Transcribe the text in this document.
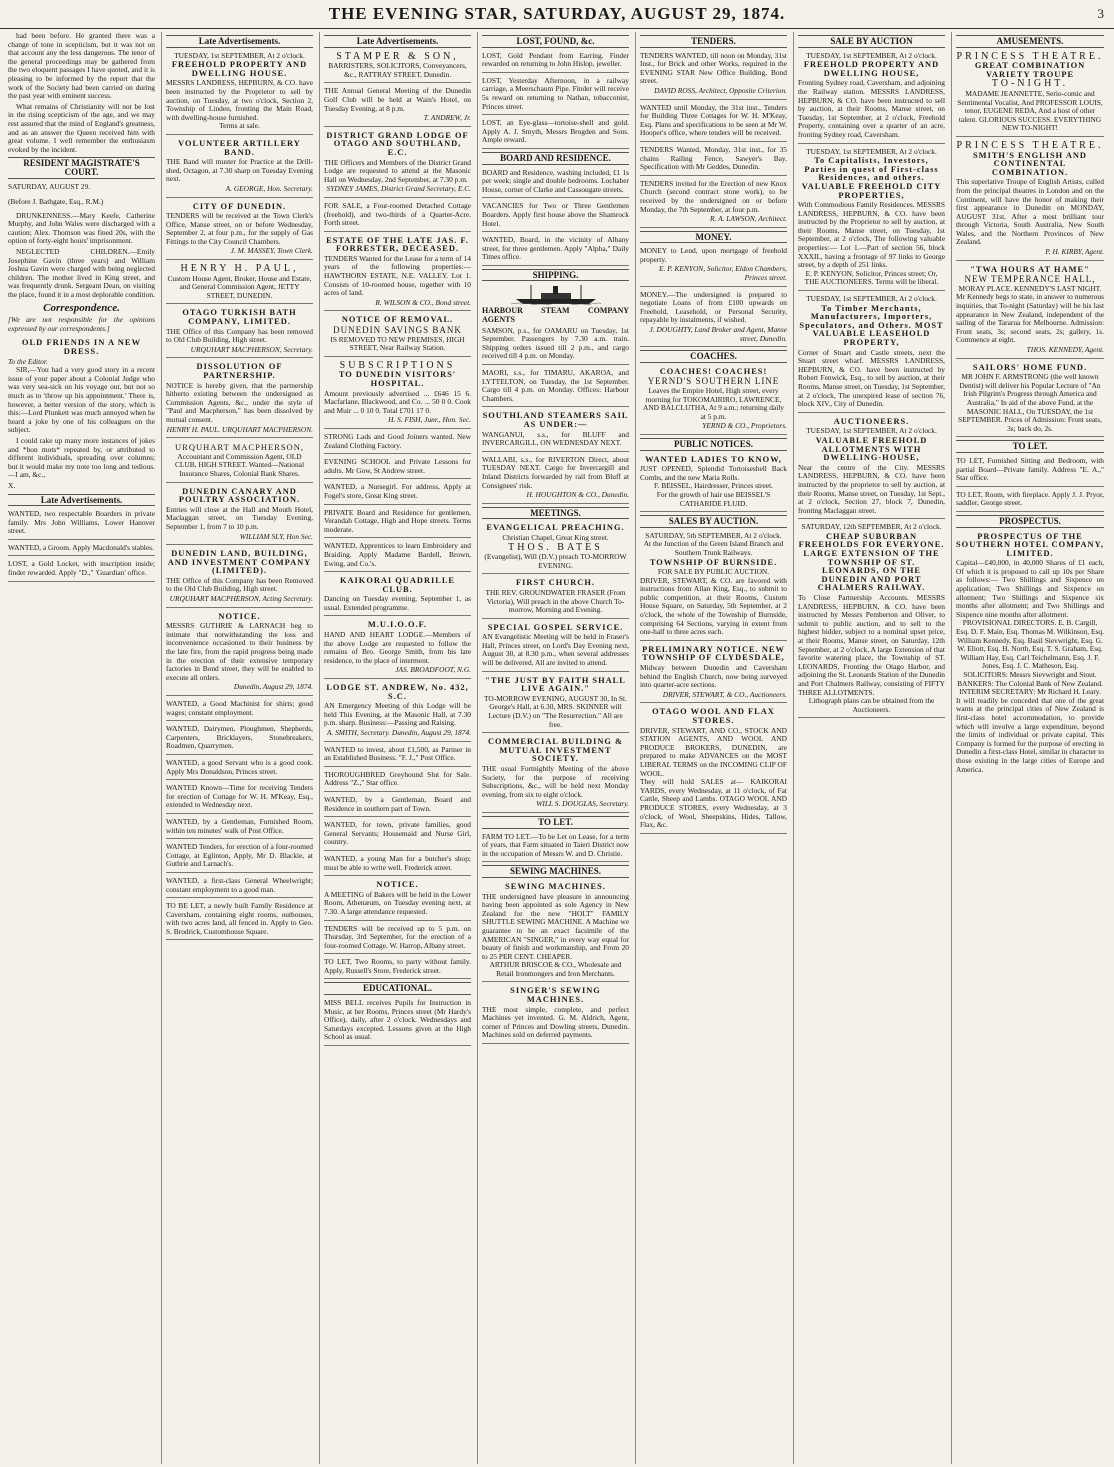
THE EVENING STAR, SATURDAY, AUGUST 29, 1874.	3

had been before. He granted there was a change of tone in scepticism, but it was not on that account any the less dangerous. The tenor of the general proceedings may be gathered from the two eloquent passages I have quoted, and it is pleasing to be informed by the report that the work of the Society had been carried on during the past year with eminent success.

What remains of Christianity will not be lost in the rising scepticism of the age, and we may rest assured that the mind of England's greatness, and as an answer the Queen received him with great volume. I well remember the enthusiasm evoked by the incident.

RESIDENT MAGISTRATE'S COURT.
SATURDAY, AUGUST 29.
(Before J. Bathgate, Esq., R.M.)

DRUNKENNESS.—Mary Keefe, Catherine Murphy, and John Wales were discharged with a caution; Alex. Thomson was fined 20s, with the option of forty-eight hours' imprisonment.

NEGLECTED CHILDREN.—Emily Josephine Gavin (three years) and William Joshua Gavin were charged with being neglected children. The mother lived in King street, and was frequently drunk. Sergeant Dean, on visiting the place, found it in a most deplorable condition.

Correspondence.
[We are not responsible for the opinions expressed by our correspondents.]
OLD FRIENDS IN A NEW DRESS.
To the Editor.

SIR,—You had a very good story in a recent issue of your paper about a Colonial Judge who was very sea-sick on his voyage out, but not so much as to 'throw up his appointment.' There is, however, a better version of the story, which is this:—Lord Plunkett was much annoyed when he heard a joke by one of his colleagues on the subject.

I could rake up many more instances of jokes and *bon mots* repeated by, or attributed to different individuals, spreading over columns; but it would make my note too long and tedious.—I am, &c.,

X.
Late Advertisements.
WANTED, two respectable Boarders in private family. Mrs John Williams, Lower Hanover street.
WANTED, a Groom. Apply Macdonald's stables.
LOST, a Gold Locket, with inscription inside; finder rewarded. Apply "D.," 'Guardian' office.
Late Advertisements.
TUESDAY, 1st SEPTEMBER, At 2 o'clock.
FREEHOLD PROPERTY AND DWELLING HOUSE.
MESSRS LANDRESS, HEPBURN, & CO. have been instructed by the Proprietor to sell by auction, on Tuesday, at two o'clock, Section 2, Township of Linden, fronting the Main Road, with dwelling-house furnished.
Terms at sale.
VOLUNTEER ARTILLERY BAND.
THE Band will muster for Practice at the Drill-shed, Octagon, at 7.30 sharp on Tuesday Evening next.
A. GEORGE, Hon. Secretary.
CITY OF DUNEDIN.
TENDERS will be received at the Town Clerk's Office, Manse street, on or before Wednesday, September 2, at four p.m., for the supply of Gas Fittings to the City Council Chambers.
J. M. MASSEY, Town Clerk.
HENRY H. PAUL,
Custom House Agent, Broker, House and Estate, and General Commission Agent, JETTY STREET, DUNEDIN.
OTAGO TURKISH BATH COMPANY, LIMITED.
THE Office of this Company has been removed to Old Club Building, High street.
URQUHART MACPHERSON, Secretary.
DISSOLUTION OF PARTNERSHIP.
NOTICE is hereby given, that the partnership hitherto existing between the undersigned as Commission Agents, &c., under the style of "Paul and Macpherson," has been dissolved by mutual consent.
HENRY H. PAUL. URQUHART MACPHERSON.
URQUHART MACPHERSON,
Accountant and Commission Agent, OLD CLUB, HIGH STREET. Wanted—National Insurance Shares, Colonial Bank Shares.
DUNEDIN CANARY AND POULTRY ASSOCIATION.
Entries will close at the Hall and Mouth Hotel, Maclaggan street, on Tuesday Evening, September 1, from 7 to 10 p.m.
WILLIAM SLY, Hon Sec.
DUNEDIN LAND, BUILDING, AND INVESTMENT COMPANY (LIMITED).
THE Office of this Company has been Removed to the Old Club Building, High street.
URQUHART MACPHERSON, Acting Secretary.
NOTICE.
MESSRS GUTHRIE & LARNACH beg to intimate that notwithstanding the loss and inconvenience occasioned to their business by the late fire, from the rapid progress being made in the erection of their extensive temporary factories in Bond street, they will be enabled to execute all orders.
Dunedin, August 29, 1874.
WANTED, a Good Machinist for shirts; good wages; constant employment.
WANTED, Dairymen, Ploughmen, Shepherds, Carpenters, Bricklayers, Stonebreakers, Roadmen, Quarrymen.
WANTED, a good Servant who is a good cook. Apply Mrs Donaldson, Princes street.
WANTED Known—Time for receiving Tenders for erection of Cottage for W. H. M'Keay, Esq., extended to Wednesday next.
WANTED, by a Gentleman, Furnished Room, within ten minutes' walk of Post Office.
WANTED Tenders, for erection of a four-roomed Cottage, at Eglinton, Apply, Mr D. Blackie, at Guthrie and Larnach's.
WANTED, a first-class General Wheelwright; constant employment to a good man.
TO BE LET, a newly built Family Residence at Caversham, containing eight rooms, outhouses, with two acres land, all fenced in. Apply to Geo. S. Brodrick, Customhouse Square.
Late Advertisements.
STAMPER & SON,
BARRISTERS, SOLICITORS, Conveyancers, &c., RATTRAY STREET, Dunedin.
THE Annual General Meeting of the Dunedin Golf Club will be held at Wain's Hotel, on Tuesday Evening, at 8 p.m.
T. ANDREW, Jr.
DISTRICT GRAND LODGE OF OTAGO AND SOUTHLAND, E.C.
THE Officers and Members of the District Grand Lodge are requested to attend at the Masonic Hall on Wednesday, 2nd September, at 7.30 p.m.
SYDNEY JAMES, District Grand Secretary, E.C.
FOR SALE, a Four-roomed Detached Cottage (freehold), and two-thirds of a Quarter-Acre. Forth street.
ESTATE OF THE LATE JAS. F. FORRESTER, DECEASED.
TENDERS Wanted for the Lease for a term of 14 years of the following properties:—HAWTHORN ESTATE, N.E. VALLEY. Lot 1. Consists of 10-roomed house, together with 10 acres of land.
R. WILSON & CO., Bond street.
NOTICE OF REMOVAL.
DUNEDIN SAVINGS BANK
IS REMOVED TO NEW PREMISES, HIGH STREET, Near Railway Station.
SUBSCRIPTIONS
TO DUNEDIN VISITORS' HOSPITAL.
Amount previously advertised ... £646 15 6. Macfarlane, Blackwood, and Co. ... 50 0 0. Cook and Muir ... 0 10 0. Total £701 17 0.
H. S. FISH, Junr., Hon. Sec.
STRONG Lads and Good Joiners wanted. New Zealand Clothing Factory.
EVENING SCHOOL and Private Lessons for adults. Mr Gow, St Andrew street.
WANTED, a Nursegirl. For address, Apply at Fogel's store, Great King street.
PRIVATE Board and Residence for gentlemen, Verandah Cottage, High and Hope streets. Terms moderate.
WANTED, Apprentices to learn Embroidery and Braiding. Apply Madame Bardell, Brown, Ewing, and Co.'s.
KAIKORAI QUADRILLE CLUB.
Dancing on Tuesday evening, September 1, as usual. Extended programme.
M.U.I.O.O.F.
HAND AND HEART LODGE.—Members of the above Lodge are requested to follow the remains of Bro. George Smith, from his late residence, to the place of interment.
JAS. BROADFOOT, N.G.
LODGE ST. ANDREW, No. 432, S.C.
AN Emergency Meeting of this Lodge will be held This Evening, at the Masonic Hall, at 7.30 p.m. sharp. Business:—Passing and Raising.
A. SMITH, Secretary. Dunedin, August 29, 1874.
WANTED to invest, about £1,500, as Partner in an Established Business. "F. J.," Post Office.
THOROUGHBRED Greyhound Slut for Sale. Address "Z.," Star office.
WANTED, by a Gentleman, Board and Residence in southern part of Town.
WANTED, for town, private families, good General Servants; Housemaid and Nurse Girl, country.
WANTED, a young Man for a butcher's shop; must be able to write well. Frederick street.
NOTICE.
A MEETING of Bakers will be held in the Lower Room, Athenæum, on Tuesday evening next, at 7.30. A large attendance requested.
TENDERS will be received up to 5 p.m. on Thursday, 3rd September, for the erection of a four-roomed Cottage. W. Harrop, Albany street.
TO LET, Two Rooms, to party without family. Apply, Russell's Store, Frederick street.
EDUCATIONAL.
MISS BELL receives Pupils for Instruction in Music, at her Rooms, Princes street (Mr Hardy's Office), daily, after 2 o'clock. Wednesdays and Saturdays excepted. Lessons given at the High School as usual.
LOST, FOUND, &c.
LOST, Gold Pendant from Earring. Finder rewarded on returning to John Hislop, jeweller.
LOST, Yesterday Afternoon, in a railway carriage, a Meerschaum Pipe. Finder will receive 5s reward on returning to Nathan, tobacconist, Princes street.
LOST, an Eye-glass—tortoise-shell and gold. Apply A. J. Smyth, Messrs Brogden and Sons. Ample reward.
BOARD AND RESIDENCE.
BOARD and Residence, washing included, £1 1s per week; single and double bedrooms. Lochaber House, corner of Clarke and Cassougate streets.
VACANCIES for Two or Three Gentlemen Boarders. Apply first house above the Shamrock Hotel.
WANTED, Board, in the vicinity of Albany street, for three gentlemen. Apply "Alpha," Daily Times office.
SHIPPING.
HARBOUR STEAM COMPANY AGENTS
SAMSON, p.s., for OAMARU on Tuesday, 1st September. Passengers by 7.30 a.m. train. Shipping orders issued till 2 p.m., and cargo received till 4 p.m. on Monday.
MAORI, s.s., for TIMARU, AKAROA, and LYTTELTON, on Tuesday, the 1st September. Cargo till 4 p.m. on Monday. Offices: Harbour Chambers.
SOUTHLAND STEAMERS SAIL AS UNDER:—
WANGANUI, s.s., for BLUFF and INVERCARGILL, ON WEDNESDAY NEXT.
WALLABI, s.s., for RIVERTON Direct, about TUESDAY NEXT. Cargo for Invercargill and Inland Districts forwarded by rail from Bluff at Consignees' risk.
H. HOUGHTON & CO., Dunedin.
MEETINGS.
EVANGELICAL PREACHING.
Christian Chapel, Great King street.
THOS. BATES
(Evangelist), Will (D.V.) preach TO-MORROW EVENING.
FIRST CHURCH.
THE REV. GROUNDWATER FRASER (From Victoria), Will preach in the above Church To-morrow, Morning and Evening.
SPECIAL GOSPEL SERVICE.
AN Evangelistic Meeting will be held in Fraser's Hall, Princes street, on Lord's Day Evening next, August 30, at 8.30 p.m., when several addresses will be delivered. All are invited to attend.
"THE JUST BY FAITH SHALL LIVE AGAIN."
TO-MORROW EVENING, AUGUST 30, In St. George's Hall, at 6.30, MRS. SKINNER will Lecture (D.V.) on "The Resurrection." All are free.
COMMERCIAL BUILDING & MUTUAL INVESTMENT SOCIETY.
THE usual Fortnightly Meeting of the above Society, for the purpose of receiving Subscriptions, &c., will be held next Monday evening, from six to eight o'clock.
WILL S. DOUGLAS, Secretary.
TO LET.
FARM TO LET.—To be Let on Lease, for a term of years, that Farm situated in Taieri District now in the occupation of Messrs W. and D. Christie.
SEWING MACHINES.
SEWING MACHINES.
THE undersigned have pleasure in announcing having been appointed as sole Agency in New Zealand for the new "HOLT" FAMILY SHUTTLE SEWING MACHINE. A Machine we guarantee to be an exact facsimile of the AMERICAN "SINGER," in every way equal for beauty of finish and workmanship, and From 20 to 25 PER CENT. CHEAPER.
ARTHUR BRISCOE & CO., Wholesale and Retail Ironmongers and Iron Merchants.
SINGER'S SEWING MACHINES.
THE most simple, complete, and perfect Machines yet invented. G. M. Aldrich, Agent, corner of Princes and Dowling streets, Dunedin. Machines sold on deferred payments.
TENDERS.
TENDERS WANTED, till noon on Monday, 31st Inst., for Brick and other Works, required in the EVENING STAR New Office Building, Bond street.
DAVID ROSS, Architect, Opposite Criterion.
WANTED until Monday, the 31st inst., Tenders for Building Three Cottages for W. H. M'Keay, Esq. Plans and specifications to be seen at Mr W. Hooper's office, where tenders will be received.
TENDERS Wanted, Monday, 31st inst., for 35 chains Railing Fence, Sawyer's Bay. Specification with Mr Geddes, Dunedin.
TENDERS invited for the Erection of new Knox Church (second contract stone work), to be received by the undersigned on or before Monday, the 7th September, at four p.m.
R. A. LAWSON, Architect.
MONEY.
MONEY to Lend, upon mortgage of freehold property.
E. P. KENYON, Solicitor, Eldon Chambers, Princes street.
MONEY.—The undersigned is prepared to negotiate Loans of from £100 upwards on Freehold, Leasehold, or Personal Security, repayable by instalments, if wished.
J. DOUGHTY, Land Broker and Agent, Manse street, Dunedin.
COACHES.
COACHES! COACHES!
YERND'S SOUTHERN LINE
Leaves the Empire Hotel, High street, every morning for TOKOMAIRIRO, LAWRENCE, AND BALCLUTHA, At 9 a.m.; returning daily at 5 p.m.
YERND & CO., Proprietors.
PUBLIC NOTICES.
WANTED LADIES TO KNOW,
JUST OPENED, Splendid Tortoiseshell Back Combs, and the new Maria Rolls.
F. BEISSEL, Hairdresser, Princes street.
For the growth of hair use BEISSEL'S CATHARIDE FLUID.
SALES BY AUCTION.
SATURDAY, 5th SEPTEMBER, At 2 o'clock.
At the Junction of the Green Island Branch and Southern Trunk Railways.
TOWNSHIP OF BURNSIDE.
FOR SALE BY PUBLIC AUCTION.
DRIVER, STEWART, & CO. are favored with instructions from Allan King, Esq., to submit to public competition, at their Rooms, Custom House Square, on Saturday, 5th September, at 2 o'clock, the whole of the Township of Burnside, comprising 64 Sections, varying in extent from one-half to three acres each.
PRELIMINARY NOTICE. NEW TOWNSHIP OF CLYDESDALE,
Midway between Dunedin and Caversham behind the English Church, now being surveyed into quarter-acre sections.
DRIVER, STEWART, & CO., Auctioneers.
OTAGO WOOL AND FLAX STORES.
DRIVER, STEWART, AND CO., STOCK AND STATION AGENTS, AND WOOL AND PRODUCE BROKERS, DUNEDIN, are prepared to make ADVANCES on the MOST LIBERAL TERMS on the INCOMING CLIP OF WOOL.
They will hold SALES at— KAIKORAI YARDS, every Wednesday, at 11 o'clock, of Fat Cattle, Sheep and Lambs. OTAGO WOOL AND PRODUCE STORES, every Wednesday, at 3 o'clock, of Wool, Sheepskins, Hides, Tallow, Flax, &c.
SALE BY AUCTION
TUESDAY, 1st SEPTEMBER, At 2 o'clock.
FREEHOLD PROPERTY AND DWELLING HOUSE,
Fronting Sydney road, Caversham, and adjoining the Railway station. MESSRS LANDRESS, HEPBURN, & CO. have been instructed to sell by auction, at their Rooms, Manse street, on Tuesday, 1st September, at 2 o'clock, Freehold Property, containing over a quarter of an acre, fronting Sydney road, Caversham.
TUESDAY, 1st SEPTEMBER, At 2 o'clock.
To Capitalists, Investors, Parties in quest of First-class Residences, and others. VALUABLE FREEHOLD CITY PROPERTIES,
With Commodious Family Residences. MESSRS LANDRESS, HEPBURN, & CO. have been instructed by the Proprietor to sell by auction, at their Rooms, Manse street, on Tuesday, 1st September, at 2 o'clock, The following valuable properties:— Lot 1.—Part of section 56, block XXXII., having a frontage of 97 links to George street, by a depth of 251 links.
E. P. KENYON, Solicitor, Princes street; Or, THE AUCTIONEERS. Terms will be liberal.
TUESDAY, 1st SEPTEMBER, At 2 o'clock.
To Timber Merchants, Manufacturers, Importers, Speculators, and Others. MOST VALUABLE LEASEHOLD PROPERTY,
Corner of Stuart and Castle streets, next the Stuart street wharf. MESSRS LANDRESS, HEPBURN, & CO. have been instructed by Robert Fenwick, Esq., to sell by auction, at their Rooms, Manse street, on Tuesday, 1st September, at 2 o'clock, The unexpired lease of section 76, block XIV., City of Dunedin.
AUCTIONEERS.
TUESDAY, 1st SEPTEMBER, At 2 o'clock.
VALUABLE FREEHOLD ALLOTMENTS WITH DWELLING-HOUSE,
Near the centre of the City. MESSRS LANDRESS, HEPBURN, & CO. have been instructed by the proprietor to sell by auction, at their Rooms, Manse street, on Tuesday, 1st Sept., at 2 o'clock, Section 27, block 7, Dunedin, fronting Maclaggan street.
SATURDAY, 12th SEPTEMBER, At 2 o'clock.
CHEAP SUBURBAN FREEHOLDS FOR EVERYONE. LARGE EXTENSION OF THE TOWNSHIP OF ST. LEONARDS, ON THE DUNEDIN AND PORT CHALMERS RAILWAY.
To Close Partnership Accounts. MESSRS LANDRESS, HEPBURN, & CO. have been instructed by Messrs Pemberton and Oliver, to submit to public auction, and to sell to the highest bidder, subject to a nominal upset price, at their Rooms, Manse street, on Saturday, 12th September, at 2 o'clock, A large Extension of that favorite watering place, the Township of ST. LEONARDS, Fronting the Otago Harbor, and adjoining the St. Leonards Station of the Dunedin and Port Chalmers Railway, consisting of FIFTY THREE ALLOTMENTS.
Lithograph plans can be obtained from the Auctioneers.
AMUSEMENTS.
PRINCESS THEATRE.
GREAT COMBINATION VARIETY TROUPE
TO-NIGHT.
MADAME JEANNETTE, Serio-comic and Sentimental Vocalist, And PROFESSOR LOUIS, tenor, EUGENE REDA, And a host of other talent. GLORIOUS SUCCESS. EVERYTHING NEW TO-NIGHT!
PRINCESS THEATRE.
SMITH'S ENGLISH AND CONTINENTAL COMBINATION.
This superlative Troupe of English Artists, culled from the principal theatres in London and on the Continent, will have the honor of making their first appearance in Dunedin on MONDAY, AUGUST 31st. After a most brilliant tour through Victoria, South Australia, New South Wales, and the Northern Provinces of New Zealand.
P. H. KIRBY, Agent.
"TWA HOURS AT HAME"
NEW TEMPERANCE HALL,
MORAY PLACE. KENNEDY'S LAST NIGHT.
Mr Kennedy begs to state, in answer to numerous inquiries, that To-night (Saturday) will be his last appearance in New Zealand, independent of the sailing of the Tararua for Melbourne. Admission: Front seats, 3s; second seats, 2s; gallery, 1s. Commence at eight.
THOS. KENNEDY, Agent.
SAILORS' HOME FUND.
MR JOHN F. ARMSTRONG (the well known Dentist) will deliver his Popular Lecture of "An Irish Pilgrim's Progress through America and Australia," In aid of the above Fund, at the MASONIC HALL, On TUESDAY, the 1st SEPTEMBER. Prices of Admission: Front seats, 3s; back do, 2s.
TO LET.
TO LET, Furnished Sitting and Bedroom, with partial Board—Private family. Address "E. A.," Star office.
TO LET, Room, with fireplace. Apply J. J. Pryor, saddler, George street.
PROSPECTUS.
PROSPECTUS OF THE SOUTHERN HOTEL COMPANY, LIMITED.
Capital—£40,000, in 40,000 Shares of £1 each, Of which it is proposed to call up 10s per Share as follows:— Two Shillings and Sixpence on application; Two Shillings and Sixpence on allotment; Two Shillings and Sixpence six months after allotment; and Two Shillings and Sixpence nine months after allotment.
PROVISIONAL DIRECTORS. E. B. Cargill, Esq. D. F. Main, Esq. Thomas M. Wilkinson, Esq. William Kennedy, Esq. Basil Sievwright, Esq. G. W. Eliott, Esq. H. North, Esq. T. S. Graham, Esq. William Hay, Esq. Carl Teichelmann, Esq. J. F. Jones, Esq. J. C. Matheson, Esq.
SOLICITORS: Messrs Sievwright and Stout. BANKERS: The Colonial Bank of New Zealand. INTERIM SECRETARY: Mr Richard H. Leary.
It will readily be conceded that one of the great wants at the principal cities of New Zealand is first-class hotel accommodation, to provide which will involve a large expenditure, beyond the limits of individual or private capital. This Company is formed for the purpose of erecting in Dunedin a first-class Hotel, similar in character to those existing in the large cities of Europe and America.
